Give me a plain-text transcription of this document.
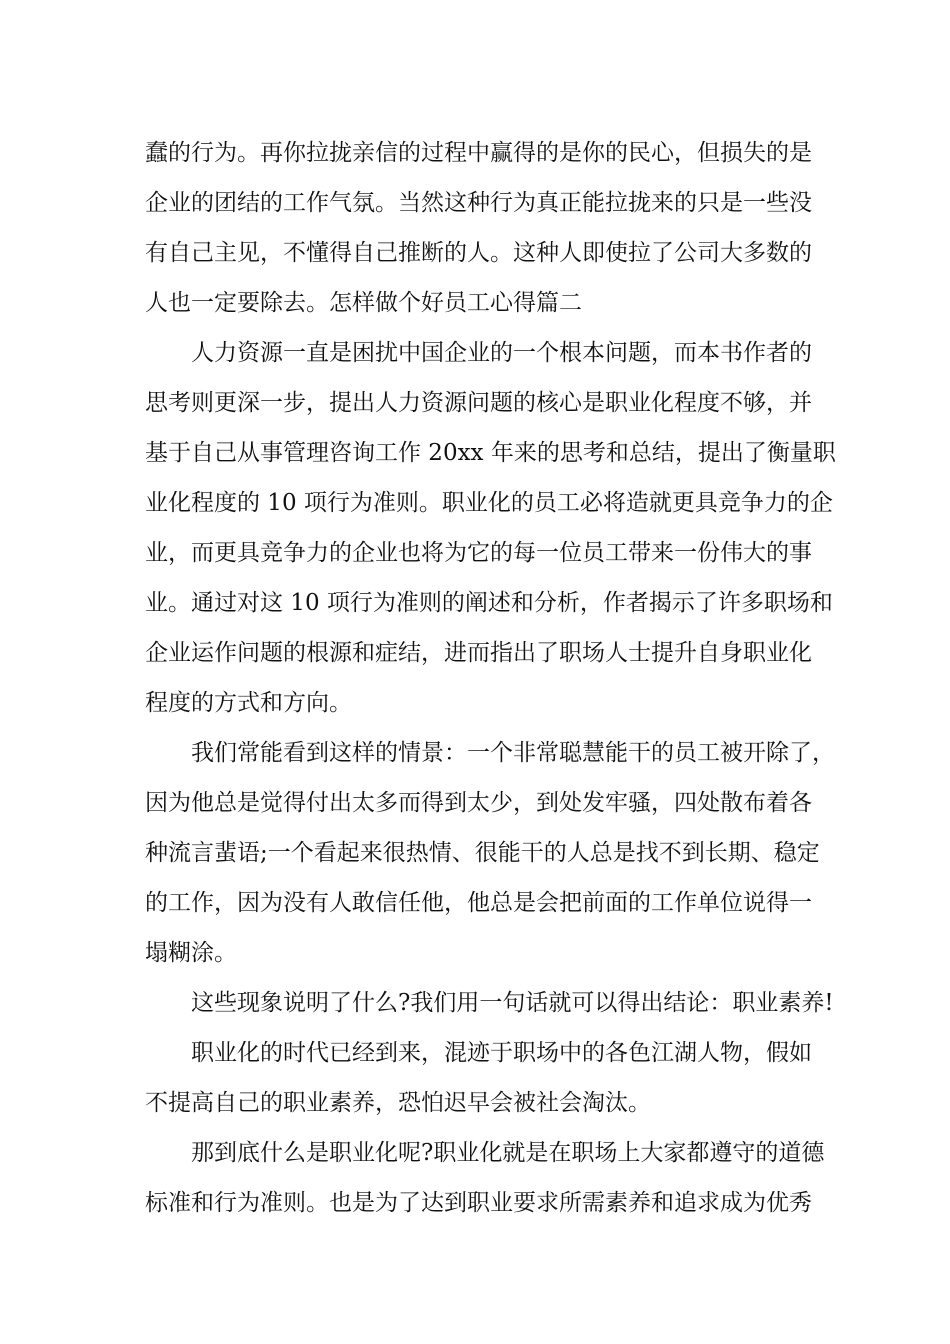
蠢的行为。再你拉拢亲信的过程中赢得的是你的民心，但损失的是
企业的团结的工作气氛。当然这种行为真正能拉拢来的只是一些没
有自己主见，不懂得自己推断的人。这种人即使拉了公司大多数的
人也一定要除去。怎样做个好员工心得篇二
人力资源一直是困扰中国企业的一个根本问题，而本书作者的
思考则更深一步，提出人力资源问题的核心是职业化程度不够，并
基于自己从事管理咨询工作 20xx 年来的思考和总结，提出了衡量职
业化程度的 10 项行为准则。职业化的员工必将造就更具竞争力的企
业，而更具竞争力的企业也将为它的每一位员工带来一份伟大的事
业。通过对这 10 项行为准则的阐述和分析，作者揭示了许多职场和
企业运作问题的根源和症结，进而指出了职场人士提升自身职业化
程度的方式和方向。
我们常能看到这样的情景：一个非常聪慧能干的员工被开除了，
因为他总是觉得付出太多而得到太少，到处发牢骚，四处散布着各
种流言蜚语;一个看起来很热情、很能干的人总是找不到长期、稳定
的工作，因为没有人敢信任他，他总是会把前面的工作单位说得一
塌糊涂。
这些现象说明了什么?我们用一句话就可以得出结论：职业素养!
职业化的时代已经到来，混迹于职场中的各色江湖人物，假如
不提高自己的职业素养，恐怕迟早会被社会淘汰。
那到底什么是职业化呢?职业化就是在职场上大家都遵守的道德
标准和行为准则。也是为了达到职业要求所需素养和追求成为优秀
